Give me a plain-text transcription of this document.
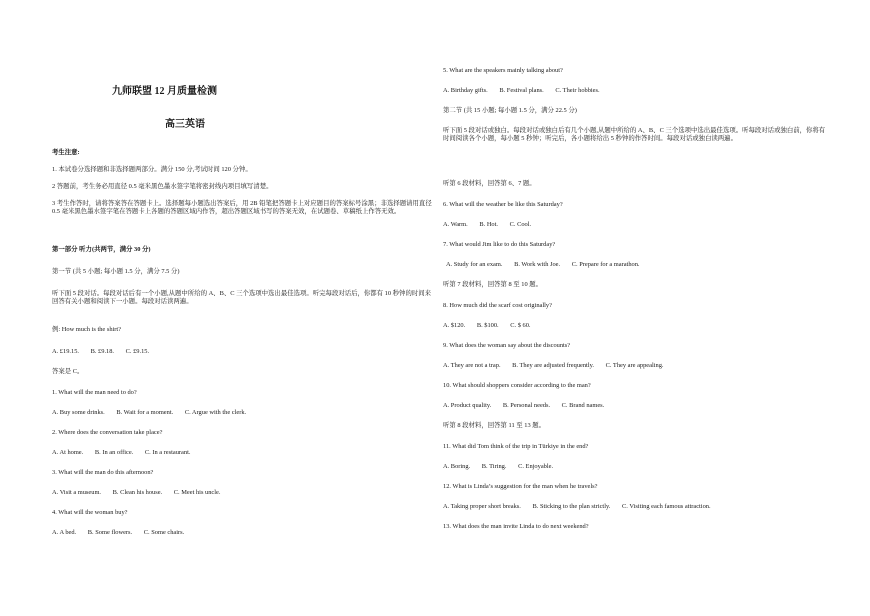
九师联盟 12 月质量检测
高三英语
考生注意:
1. 本试卷分选择题和非选择题两部分。满分 150 分,考试时间 120 分钟。
2 答题前，考生务必用直径 0.5 毫米黑色墨水签字笔将密封线内项目填写清楚。
3 考生作答时，请将答案答在答题卡上。选择题每小题选出答案后，用 2B 铅笔把答题卡上对应题目的答案标号涂黑；非选择题请用直径 0.5 毫米黑色墨水签字笔在答题卡上各题的答题区域内作答，超出答题区域书写的答案无效，在试题卷、草稿纸上作答无效。
第一部分 听力(共两节，满分 30 分)
第一节 (共 5 小题; 每小题 1.5 分，满分 7.5 分)
听下面 5 段对话。每段对话后有一个小题,从题中所给的 A、B、C 三个选项中选出最佳选项。听完每段对话后，你都有 10 秒钟的时间来回答有关小题和阅读下一小题。每段对话读两遍。
例: How much is the shirt?
A. £19.15. B. £9.18. C. £9.15.
答案是 C。
1. What will the man need to do?
A. Buy some drinks. B. Wait for a moment. C. Argue with the clerk.
2. Where does the conversation take place?
A. At home. B. In an office. C. In a restaurant.
3. What will the man do this afternoon?
A. Visit a museum. B. Clean his house. C. Meet his uncle.
4. What will the woman buy?
A. A bed. B. Some flowers. C. Some chairs.
5. What are the speakers mainly talking about?
A. Birthday gifts. B. Festival plans. C. Their hobbies.
第二节 (共 15 小题; 每小题 1.5 分，满分 22.5 分)
听下面 5 段对话或独白。每段对话或独白后有几个小题,从题中所给的 A、B、C 三个选项中选出最佳选项。听每段对话或独白前，你将有时间阅读各个小题，每小题 5 秒钟；听完后，各小题将给出 5 秒钟的作答时间。每段对话或独白读两遍。
听第 6 段材料，回答第 6、7 题。
6. What will the weather be like this Saturday?
A. Warm. B. Hot. C. Cool.
7. What would Jim like to do this Saturday?
A. Study for an exam. B. Work with Joe. C. Prepare for a marathon.
听第 7 段材料，回答第 8 至 10 题。
8. How much did the scarf cost originally?
A. $120. B. $100. C. $ 60.
9. What does the woman say about the discounts?
A. They are not a trap. B. They are adjusted frequently. C. They are appealing.
10. What should shoppers consider according to the man?
A. Product quality. B. Personal needs. C. Brand names.
听第 8 段材料，回答第 11 至 13 题。
11. What did Tom think of the trip in Türkiye in the end?
A. Boring. B. Tiring. C. Enjoyable.
12. What is Linda’s suggestion for the man when he travels?
A. Taking proper short breaks. B. Sticking to the plan strictly. C. Visiting each famous attraction.
13. What does the man invite Linda to do next weekend?
